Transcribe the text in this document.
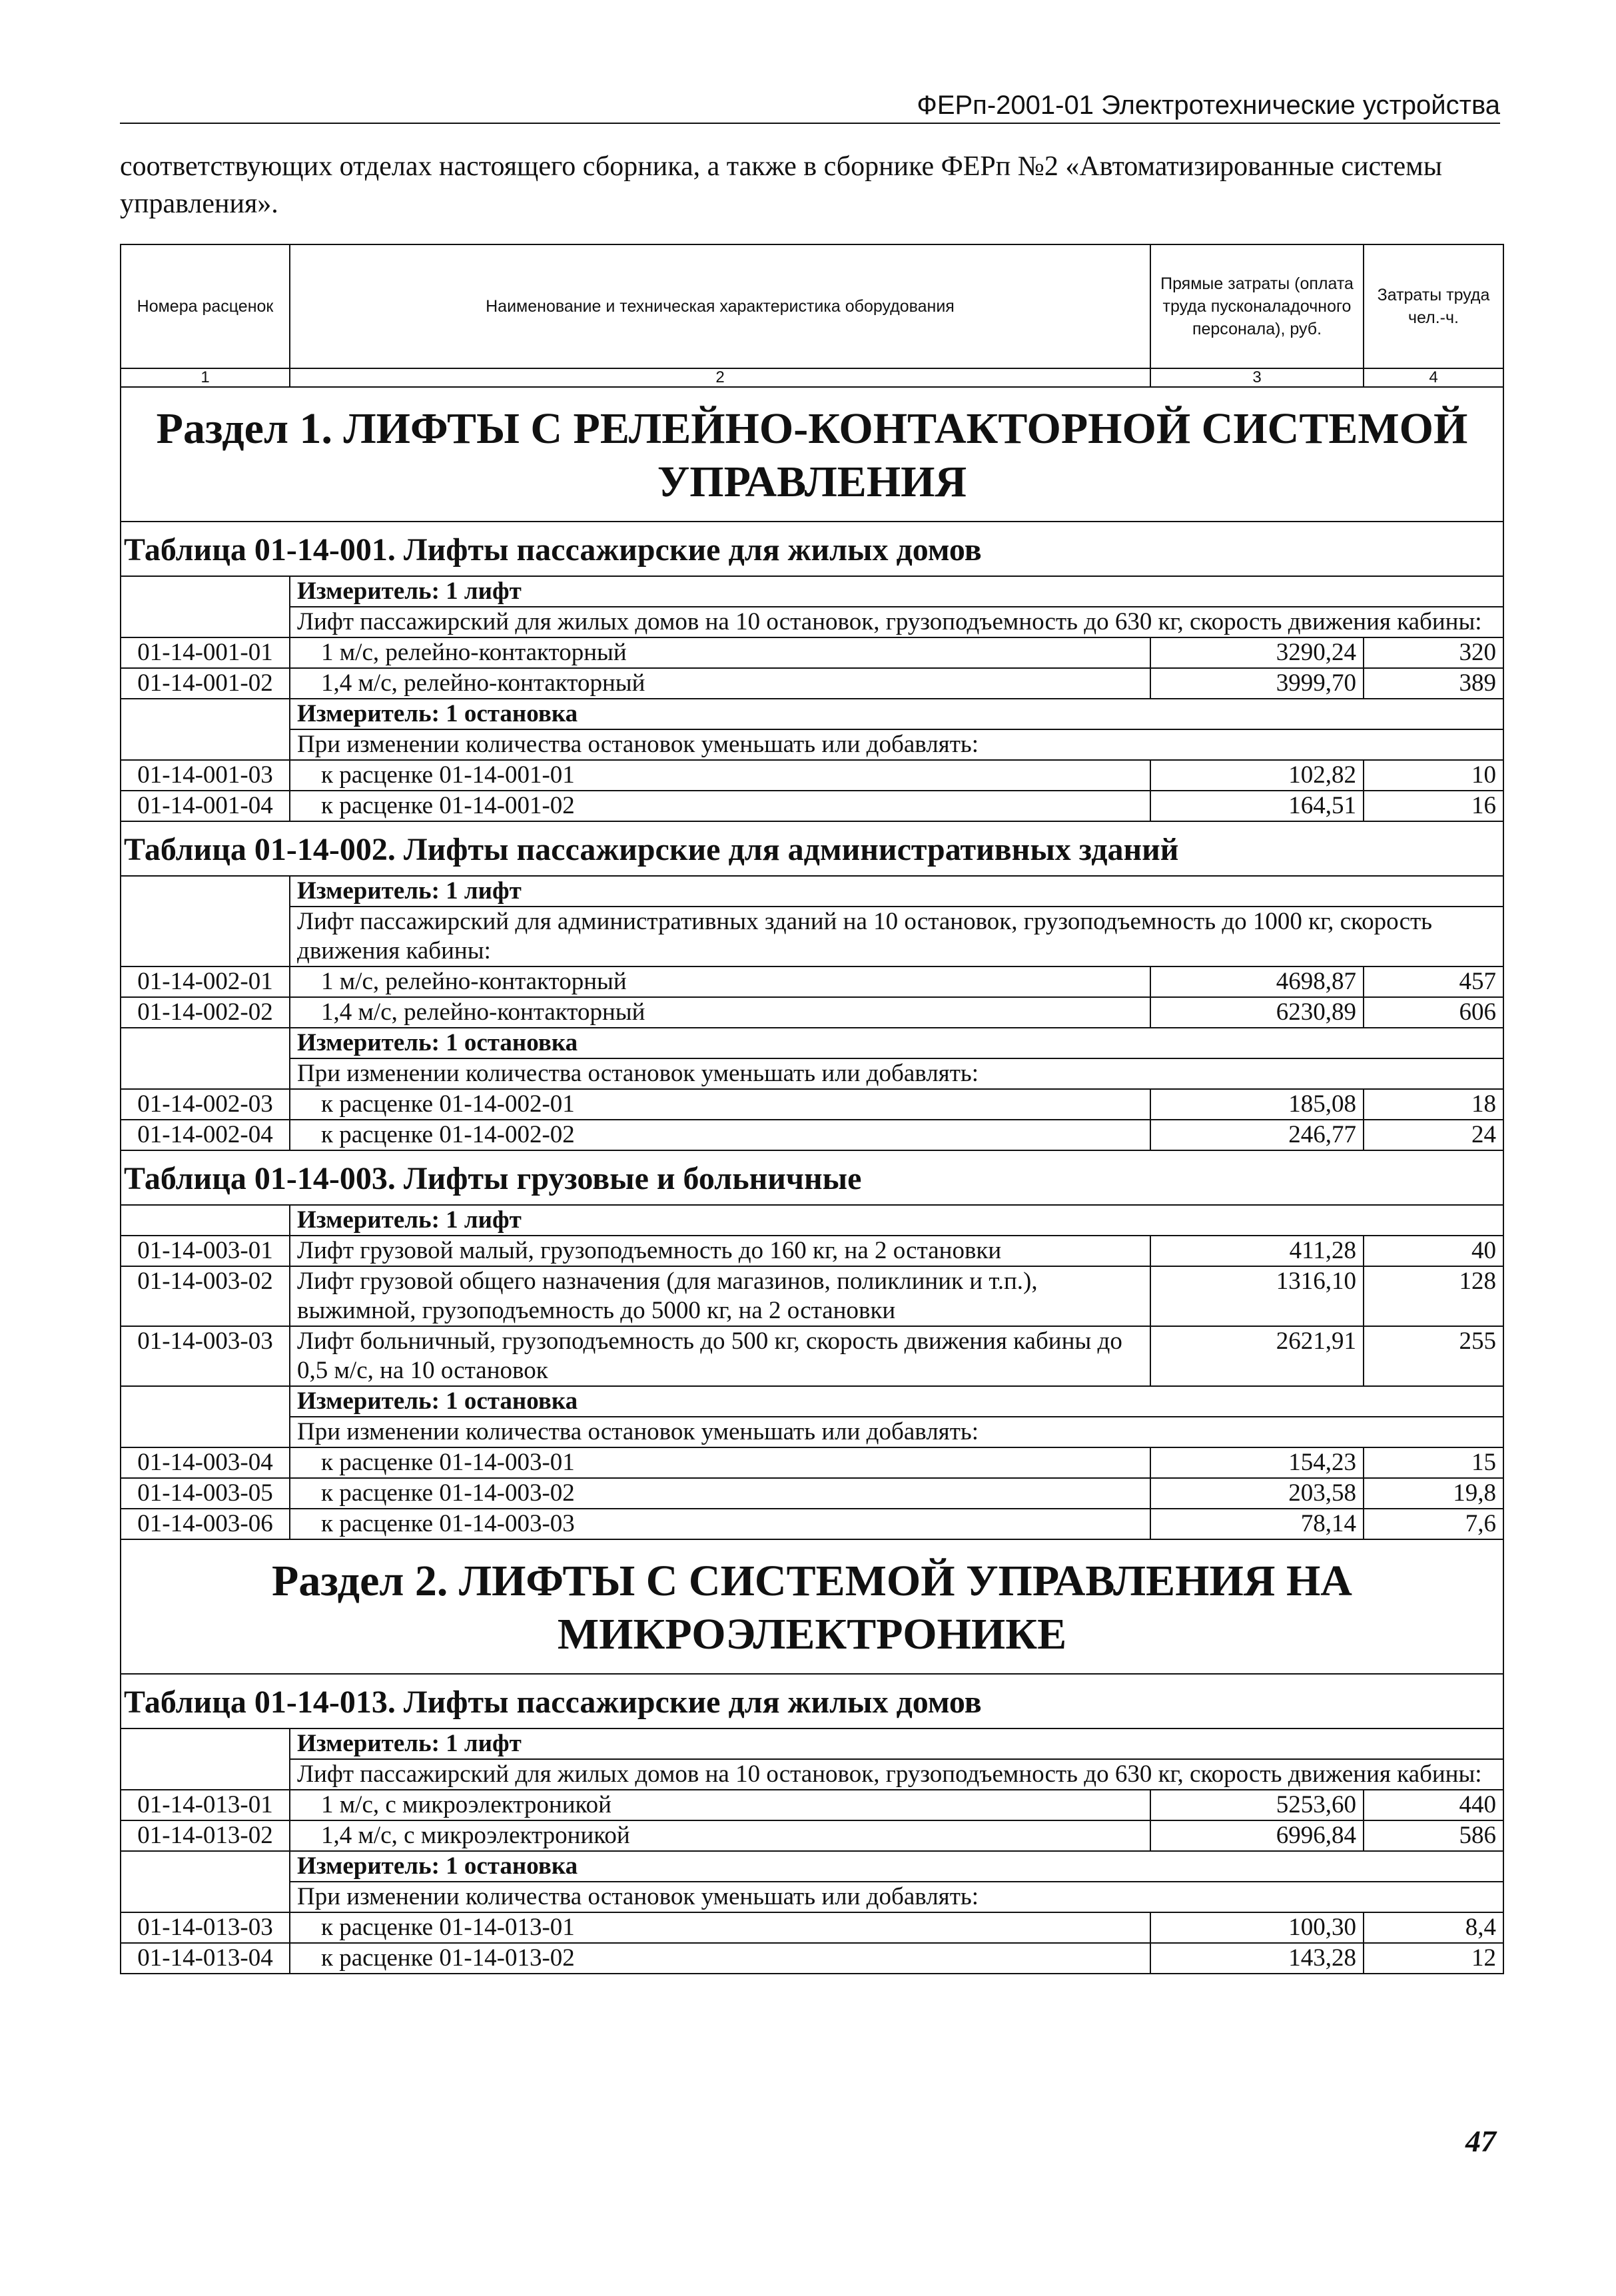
ФЕРп-2001-01 Электротехнические устройства
соответствующих отделах настоящего сборника, а также в сборнике ФЕРп №2 «Автоматизированные системы управления».
Номера расценок	Наименование и техническая характеристика оборудования	Прямые затраты (оплата труда пусконаладочного персонала), руб.	Затраты труда чел.-ч.
1	2	3	4
Раздел 1. ЛИФТЫ С РЕЛЕЙНО-КОНТАКТОРНОЙ СИСТЕМОЙ УПРАВЛЕНИЯ			
Таблица 01-14-001. Лифты пассажирские для жилых домов			
	Измеритель: 1 лифт		
	Лифт пассажирский для жилых домов на 10 остановок, грузоподъемность до 630 кг, скорость движения кабины:		
01-14-001-01	1 м/с, релейно-контакторный	3290,24	320
01-14-001-02	1,4 м/с, релейно-контакторный	3999,70	389
	Измеритель: 1 остановка		
	При изменении количества остановок уменьшать или добавлять:		
01-14-001-03	к расценке 01-14-001-01	102,82	10
01-14-001-04	к расценке 01-14-001-02	164,51	16
Таблица 01-14-002. Лифты пассажирские для административных зданий			
	Измеритель: 1 лифт		
	Лифт пассажирский для административных зданий на 10 остановок, грузоподъемность до 1000 кг, скорость движения кабины:		
01-14-002-01	1 м/с, релейно-контакторный	4698,87	457
01-14-002-02	1,4 м/с, релейно-контакторный	6230,89	606
	Измеритель: 1 остановка		
	При изменении количества остановок уменьшать или добавлять:		
01-14-002-03	к расценке 01-14-002-01	185,08	18
01-14-002-04	к расценке 01-14-002-02	246,77	24
Таблица 01-14-003. Лифты грузовые и больничные			
	Измеритель: 1 лифт		
01-14-003-01	Лифт грузовой малый, грузоподъемность до 160 кг, на 2 остановки	411,28	40
01-14-003-02	Лифт грузовой общего назначения (для магазинов, поликлиник и т.п.), выжимной, грузоподъемность до 5000 кг, на 2 остановки	1316,10	128
01-14-003-03	Лифт больничный, грузоподъемность до 500 кг, скорость движения кабины до 0,5 м/с, на 10 остановок	2621,91	255
	Измеритель: 1 остановка		
	При изменении количества остановок уменьшать или добавлять:		
01-14-003-04	к расценке 01-14-003-01	154,23	15
01-14-003-05	к расценке 01-14-003-02	203,58	19,8
01-14-003-06	к расценке 01-14-003-03	78,14	7,6
Раздел 2. ЛИФТЫ С СИСТЕМОЙ УПРАВЛЕНИЯ НА МИКРОЭЛЕКТРОНИКЕ			
Таблица 01-14-013. Лифты пассажирские для жилых домов			
	Измеритель: 1 лифт		
	Лифт пассажирский для жилых домов на 10 остановок, грузоподъемность до 630 кг, скорость движения кабины:		
01-14-013-01	1 м/с, с микроэлектроникой	5253,60	440
01-14-013-02	1,4 м/с, с микроэлектроникой	6996,84	586
	Измеритель: 1 остановка		
	При изменении количества остановок уменьшать или добавлять:		
01-14-013-03	к расценке 01-14-013-01	100,30	8,4
01-14-013-04	к расценке 01-14-013-02	143,28	12
47
